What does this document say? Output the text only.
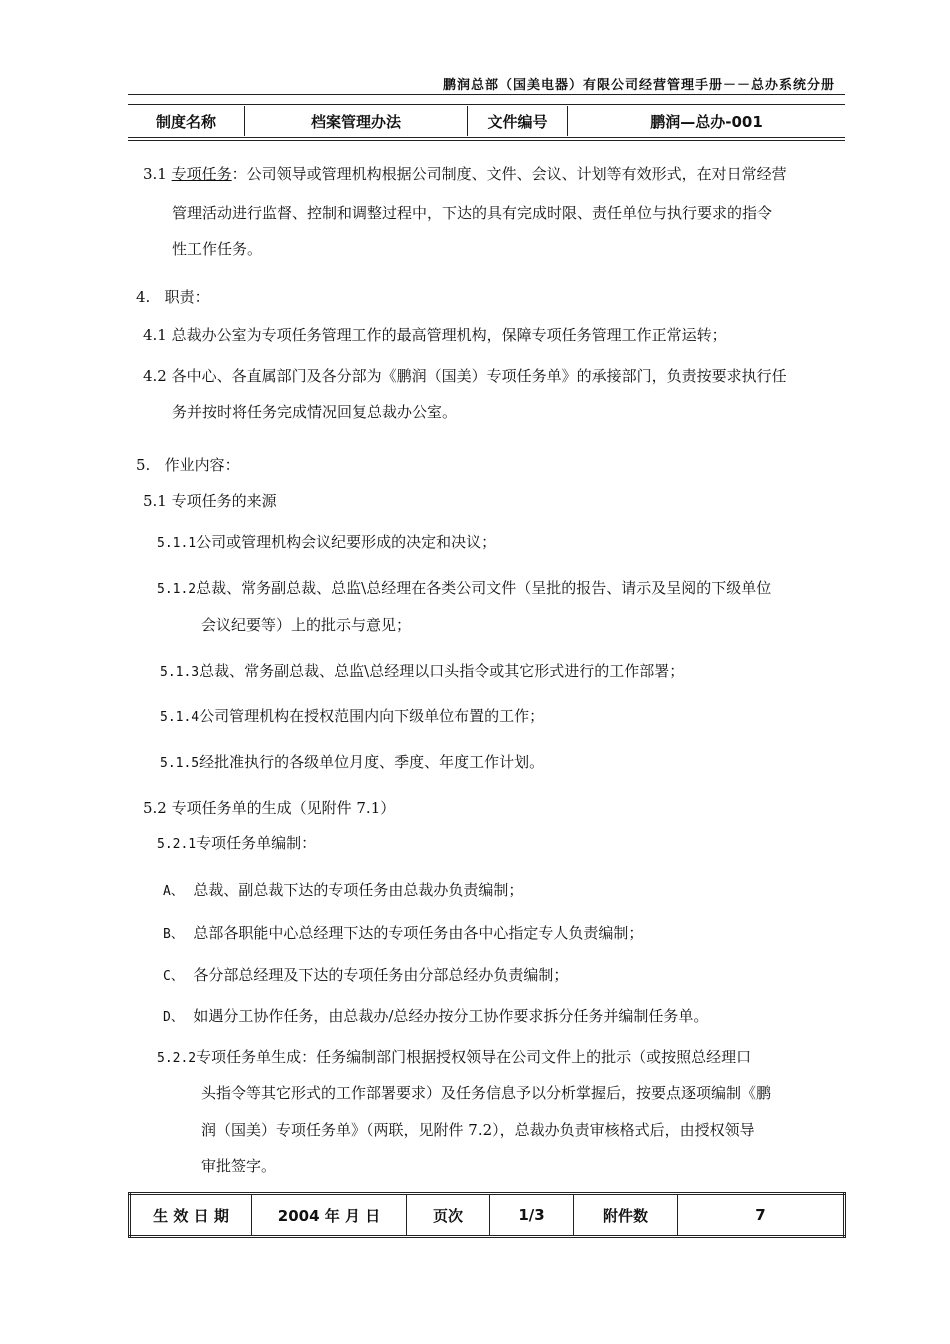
鹏润总部（国美电器）有限公司经营管理手册－－总办系统分册
制度名称	档案管理办法	文件编号	鹏润—总办-001
3.1 专项任务：公司领导或管理机构根据公司制度、文件、会议、计划等有效形式，在对日常经营
管理活动进行监督、控制和调整过程中，下达的具有完成时限、责任单位与执行要求的指令
性工作任务。
4. 职责：
4.1 总裁办公室为专项任务管理工作的最高管理机构，保障专项任务管理工作正常运转；
4.2 各中心、各直属部门及各分部为《鹏润（国美）专项任务单》的承接部门，负责按要求执行任
务并按时将任务完成情况回复总裁办公室。
5. 作业内容：
5.1 专项任务的来源
5.1.1公司或管理机构会议纪要形成的决定和决议；
5.1.2总裁、常务副总裁、总监\总经理在各类公司文件（呈批的报告、请示及呈阅的下级单位
会议纪要等）上的批示与意见；
5.1.3总裁、常务副总裁、总监\总经理以口头指令或其它形式进行的工作部署；
5.1.4公司管理机构在授权范围内向下级单位布置的工作；
5.1.5经批准执行的各级单位月度、季度、年度工作计划。
5.2 专项任务单的生成（见附件 7.1）
5.2.1专项任务单编制：
A、 总裁、副总裁下达的专项任务由总裁办负责编制；
B、 总部各职能中心总经理下达的专项任务由各中心指定专人负责编制；
C、 各分部总经理及下达的专项任务由分部总经办负责编制；
D、 如遇分工协作任务，由总裁办/总经办按分工协作要求拆分任务并编制任务单。
5.2.2专项任务单生成：任务编制部门根据授权领导在公司文件上的批示（或按照总经理口
头指令等其它形式的工作部署要求）及任务信息予以分析掌握后，按要点逐项编制《鹏
润（国美）专项任务单》（两联，见附件 7.2），总裁办负责审核格式后，由授权领导
审批签字。
生 效 日 期	2004 年 月 日	页次	1/3	附件数	7
